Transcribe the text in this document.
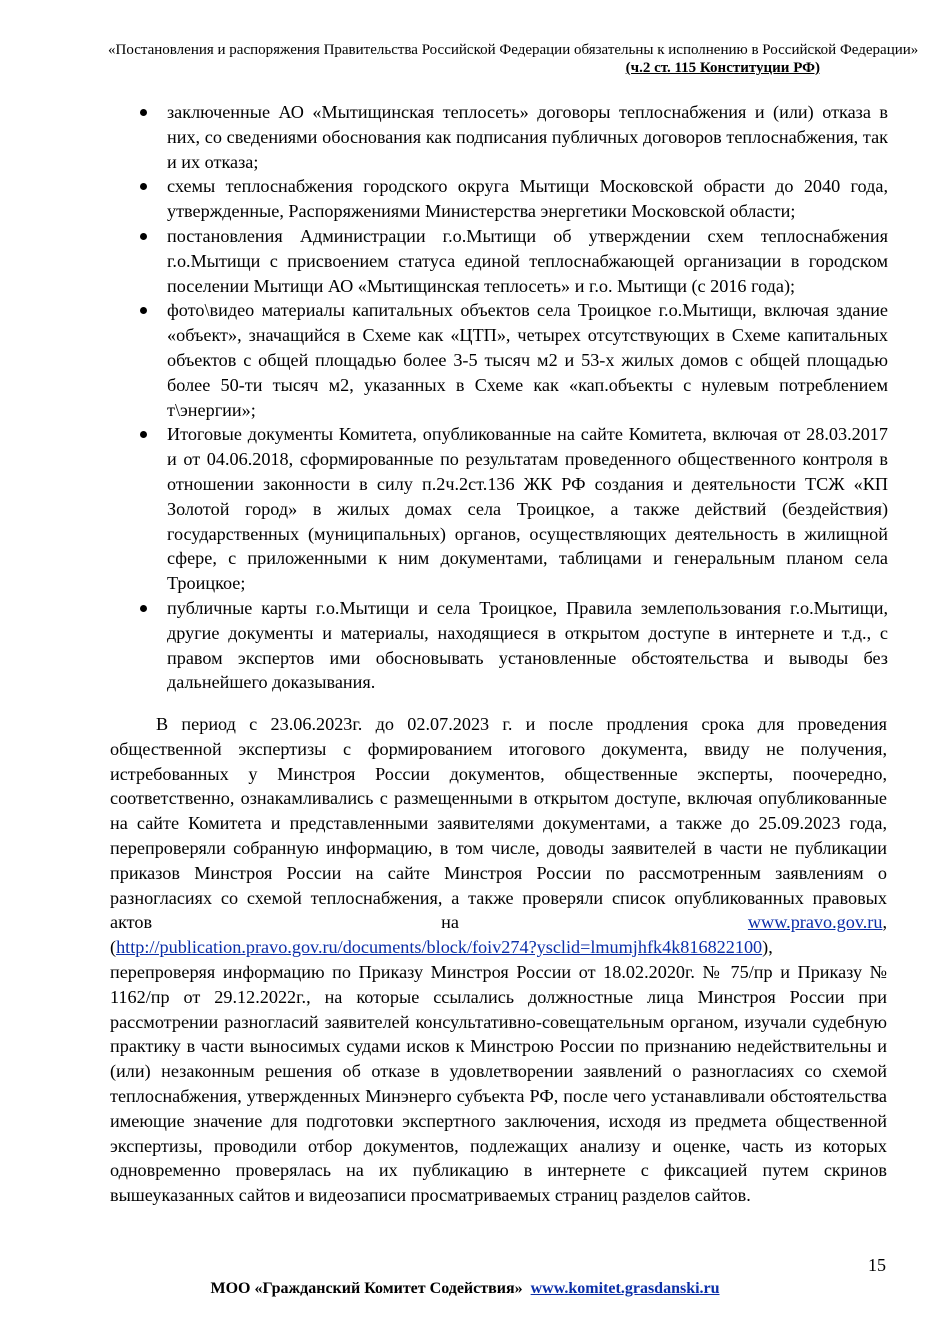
«Постановления и распоряжения Правительства Российской Федерации обязательны к исполнению в Российской Федерации»
(ч.2 ст. 115 Конституции РФ)
заключенные АО «Мытищинская теплосеть» договоры теплоснабжения и (или) отказа в них, со сведениями обоснования как подписания публичных договоров теплоснабжения, так и их отказа;
схемы теплоснабжения городского округа Мытищи Московской обрасти до 2040 года, утвержденные, Распоряжениями Министерства энергетики Московской области;
постановления Администрации г.о.Мытищи об утверждении схем теплоснабжения г.о.Мытищи с присвоением статуса единой теплоснабжающей организации в городском поселении Мытищи АО «Мытищинская теплосеть» и г.о. Мытищи (с 2016 года);
фото\видео материалы капитальных объектов села Троицкое г.о.Мытищи, включая здание «объект», значащийся в Схеме как «ЦТП», четырех отсутствующих в Схеме капитальных объектов с общей площадью более 3-5 тысяч м2 и 53-х жилых домов с общей площадью более 50-ти тысяч м2, указанных в Схеме как «кап.объекты с нулевым потреблением т\энергии»;
Итоговые документы Комитета, опубликованные на сайте Комитета, включая от 28.03.2017 и от 04.06.2018, сформированные по результатам проведенного общественного контроля в отношении законности в силу п.2ч.2ст.136 ЖК РФ создания и деятельности ТСЖ «КП Золотой город» в жилых домах села Троицкое, а также действий (бездействия) государственных (муниципальных) органов, осуществляющих деятельность в жилищной сфере, с приложенными к ним документами, таблицами и генеральным планом села Троицкое;
публичные карты г.о.Мытищи и села Троицкое, Правила землепользования г.о.Мытищи, другие документы и материалы, находящиеся в открытом доступе в интернете и т.д., с правом экспертов ими обосновывать установленные обстоятельства и выводы без дальнейшего доказывания.

В период с 23.06.2023г. до 02.07.2023 г. и после продления срока для проведения общественной экспертизы с формированием итогового документа, ввиду не получения, истребованных у Минстроя России документов, общественные эксперты, поочередно, соответственно, ознакамливались с размещенными в открытом доступе, включая опубликованные на сайте Комитета и представленными заявителями документами, а также до 25.09.2023 года, перепроверяли собранную информацию, в том числе, доводы заявителей в части не публикации приказов Минстроя России на сайте Минстроя России по рассмотренным заявлениям о разногласиях со схемой теплоснабжения, а также проверяли список опубликованных правовых актов на	www.pravo.gov.ru,

(http://publication.pravo.gov.ru/documents/block/foiv274?ysclid=lmumjhfk4k816822100),

перепроверяя информацию по Приказу Минстроя России от 18.02.2020г. № 75/пр и Приказу № 1162/пр от 29.12.2022г., на которые ссылались должностные лица Минстроя России при рассмотрении разногласий заявителей консультативно-совещательным органом, изучали судебную практику в части выносимых судами исков к Минстрою России по признанию недействительны и (или) незаконным решения об отказе в удовлетворении заявлений о разногласиях со схемой теплоснабжения, утвержденных Минэнерго субъекта РФ, после чего устанавливали обстоятельства имеющие значение для подготовки экспертного заключения, исходя из предмета общественной экспертизы, проводили отбор документов, подлежащих анализу и оценке, часть из которых одновременно проверялась на их публикацию в интернете с фиксацией путем скринов вышеуказанных сайтов и видеозаписи просматриваемых страниц разделов сайтов.

15
МОО «Гражданский Комитет Содействия» www.komitet.grasdanski.ru
